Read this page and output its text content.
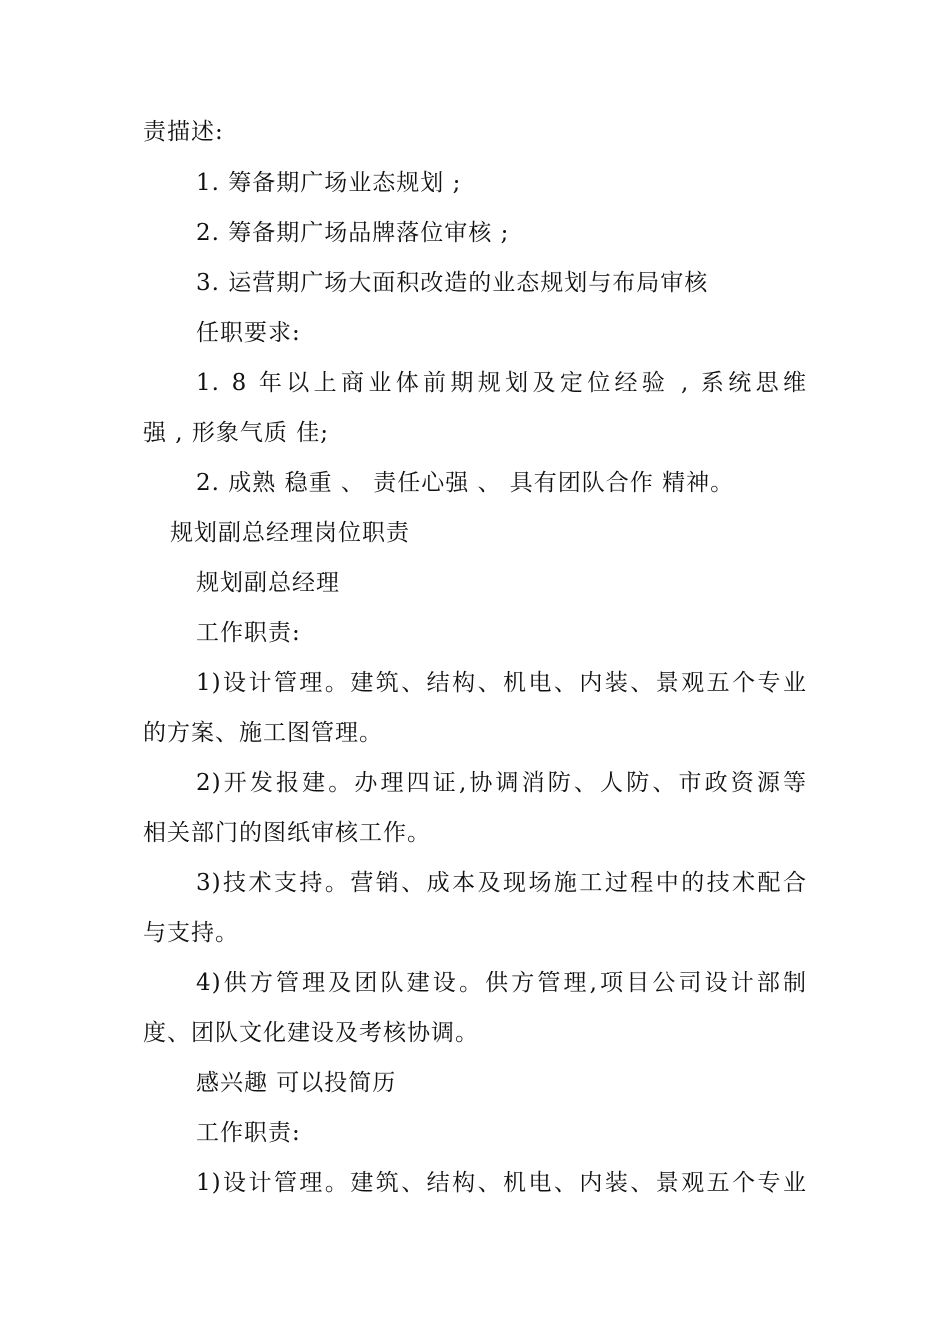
责描述:

1. 筹备期广场业态规划 ;

2. 筹备期广场品牌落位审核 ;

3. 运营期广场大面积改造的业态规划与布局审核

任职要求:

1. 8 年以上商业体前期规划及定位经验 , 系统思维

强 , 形象气质 佳;

2. 成熟 稳重 、 责任心强 、 具有团队合作 精神。

规划副总经理岗位职责

规划副总经理

工作职责:

1)设计管理。建筑、结构、机电、内装、景观五个专业

的方案、施工图管理。

2)开发报建。办理四证,协调消防、人防、市政资源等

相关部门的图纸审核工作。

3)技术支持。营销、成本及现场施工过程中的技术配合

与支持。

4)供方管理及团队建设。供方管理,项目公司设计部制

度、团队文化建设及考核协调。

感兴趣 可以投简历

工作职责:

1)设计管理。建筑、结构、机电、内装、景观五个专业
